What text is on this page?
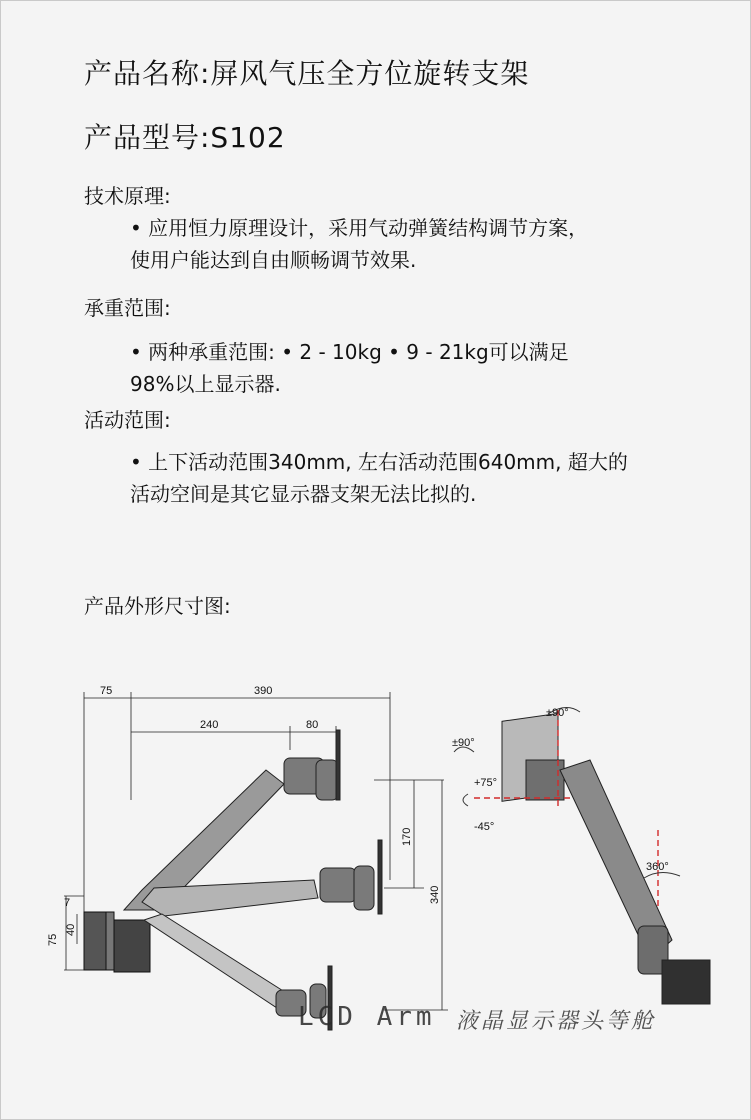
产品名称:屏风气压全方位旋转支架
产品型号:S102
技术原理:
• 应用恒力原理设计，采用气动弹簧结构调节方案，
使用户能达到自由顺畅调节效果.
承重范围:
• 两种承重范围: • 2 - 10kg • 9 - 21kg可以满足
98%以上显示器.
活动范围:
• 上下活动范围340mm, 左右活动范围640mm, 超大的
活动空间是其它显示器支架无法比拟的.
产品外形尺寸图:
75	390
240	80
170
340
7
40
75
±90°
±90°
+75°
-45°
360°
LCD Arm 液晶显示器头等舱
